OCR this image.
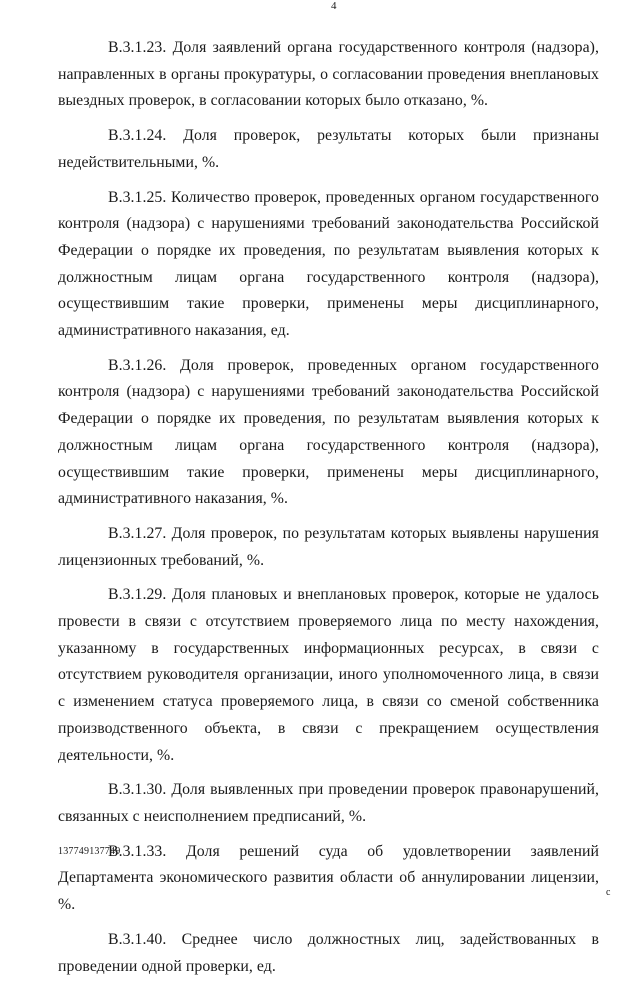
4

B.3.1.23. Доля заявлений органа государственного контроля (надзора), направленных в органы прокуратуры, о согласовании проведения внеплановых выездных проверок, в согласовании которых было отказано, %.

B.3.1.24. Доля проверок, результаты которых были признаны недействительными, %.

B.3.1.25. Количество проверок, проведенных органом государственного контроля (надзора) с нарушениями требований законодательства Российской Федерации о порядке их проведения, по результатам выявления которых к должностным лицам органа государственного контроля (надзора), осуществившим такие проверки, применены меры дисциплинарного, административного наказания, ед.

B.3.1.26. Доля проверок, проведенных органом государственного контроля (надзора) с нарушениями требований законодательства Российской Федерации о порядке их проведения, по результатам выявления которых к должностным лицам органа государственного контроля (надзора), осуществившим такие проверки, применены меры дисциплинарного, административного наказания, %.

B.3.1.27. Доля проверок, по результатам которых выявлены нарушения лицензионных требований, %.

B.3.1.29. Доля плановых и внеплановых проверок, которые не удалось провести в связи с отсутствием проверяемого лица по месту нахождения, указанному в государственных информационных ресурсах, в связи с отсутствием руководителя организации, иного уполномоченного лица, в связи с изменением статуса проверяемого лица, в связи со сменой собственника производственного объекта, в связи с прекращением осуществления деятельности, %.

B.3.1.30. Доля выявленных при проведении проверок правонарушений, связанных с неисполнением предписаний, %.

B.3.1.33. Доля решений суда об удовлетворении заявлений Департамента экономического развития области об аннулировании лицензии, %.

B.3.1.40. Среднее число должностных лиц, задействованных в проведении одной проверки, ед.

137749137749
c
